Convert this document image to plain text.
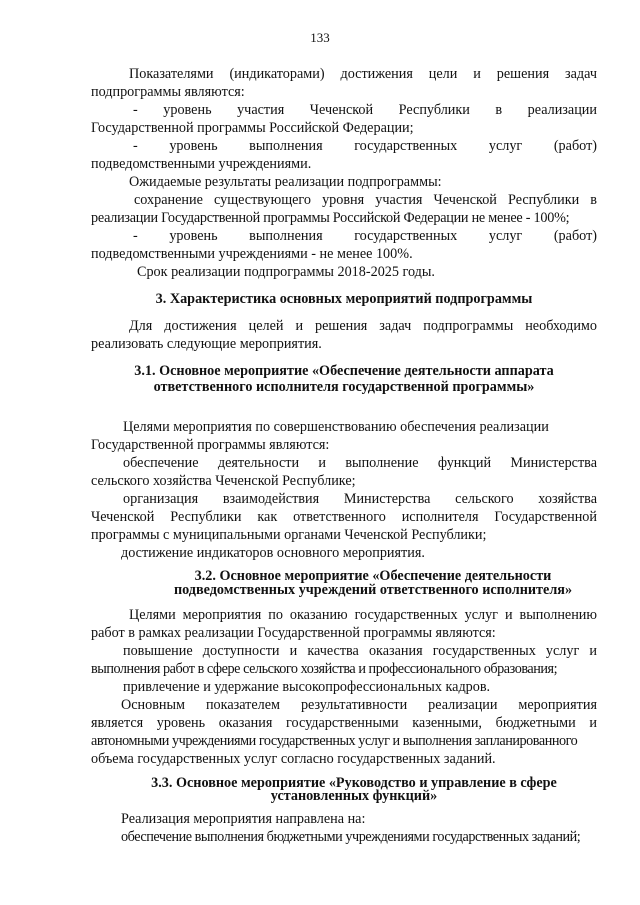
133
Показателями (индикаторами) достижения цели и решения задач
подпрограммы являются:
- уровень участия Чеченской Республики в реализации
Государственной программы Российской Федерации;
- уровень выполнения государственных услуг (работ)
подведомственными учреждениями.
Ожидаемые результаты реализации подпрограммы:
сохранение существующего уровня участия Чеченской Республики в
реализации Государственной программы Российской Федерации не менее - 100%;
- уровень выполнения государственных услуг (работ)
подведомственными учреждениями - не менее 100%.
Срок реализации подпрограммы 2018-2025 годы.
3. Характеристика основных мероприятий подпрограммы
Для достижения целей и решения задач подпрограммы необходимо
реализовать следующие мероприятия.
3.1. Основное мероприятие «Обеспечение деятельности аппарата
ответственного исполнителя государственной программы»
Целями мероприятия по совершенствованию обеспечения реализации
Государственной программы являются:
обеспечение деятельности и выполнение функций Министерства
сельского хозяйства Чеченской Республике;
организация взаимодействия Министерства сельского хозяйства
Чеченской Республики как ответственного исполнителя Государственной
программы с муниципальными органами Чеченской Республики;
достижение индикаторов основного мероприятия.
3.2. Основное мероприятие «Обеспечение деятельности
подведомственных учреждений ответственного исполнителя»
Целями мероприятия по оказанию государственных услуг и выполнению
работ в рамках реализации Государственной программы являются:
повышение доступности и качества оказания государственных услуг и
выполнения работ в сфере сельского хозяйства и профессионального образования;
привлечение и удержание высокопрофессиональных кадров.
Основным показателем результативности реализации мероприятия
является уровень оказания государственными казенными, бюджетными и
автономными учреждениями государственных услуг и выполнения запланированного
объема государственных услуг согласно государственных заданий.
3.3. Основное мероприятие «Руководство и управление в сфере
установленных функций»
Реализация мероприятия направлена на:
обеспечение выполнения бюджетными учреждениями государственных заданий;
